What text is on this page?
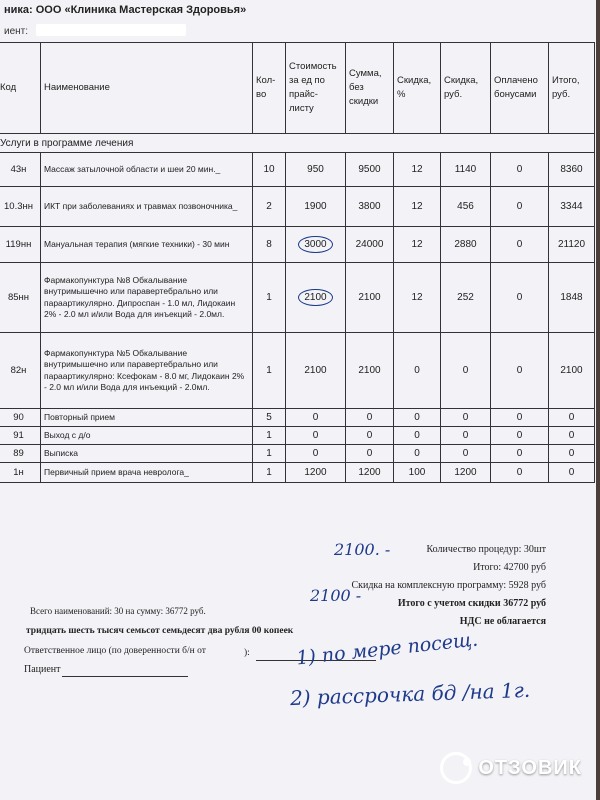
ника: ООО «Клиника Мастерская Здоровья»
иент:
Код	Наименование	Кол-во	Стоимость за ед по прайс-листу	Сумма, без скидки	Скидка, %	Скидка, руб.	Оплачено бонусами	Итого, руб.
Услуги в программе лечения								
43н	Массаж затылочной области и шеи 20 мин._	10	950	9500	12	1140	0	8360
10.3нн	ИКТ при заболеваниях и травмах позвоночника_	2	1900	3800	12	456	0	3344
119нн	Мануальная терапия (мягкие техники) - 30 мин	8	3000	24000	12	2880	0	21120
85нн	Фармакопунктура №8 Обкалывание внутримышечно или паравертебрально или параартикулярно. Дипроспан - 1.0 мл, Лидокаин 2% - 2.0 мл и/или Вода для инъекций - 2.0мл.	1	2100	2100	12	252	0	1848
82н	Фармакопунктура №5 Обкалывание внутримышечно или паравертебрально или параартикулярно: Ксефокам - 8.0 мг, Лидокаин 2% - 2.0 мл и/или Вода для инъекций - 2.0мл.	1	2100	2100	0	0	0	2100
90	Повторный прием	5	0	0	0	0	0	0
91	Выход с д/о	1	0	0	0	0	0	0
89	Выписка	1	0	0	0	0	0	0
1н	Первичный прием врача невролога_	1	1200	1200	100	1200	0	0
Количество процедур: 30шт
Итого: 42700 руб
Скидка на комплексную программу: 5928 руб
Итого с учетом скидки 36772 руб
НДС не облагается
Всего наименований: 30 на сумму: 36772 руб.
тридцать шесть тысяч семьсот семьдесят два рубля 00 копеек
Ответственное лицо (по доверенности б/н от	):
Пациент
2100. -
2100 -
1) по мере посещ.
2) рассрочка бд /на 1г.
ОТЗОВИК
